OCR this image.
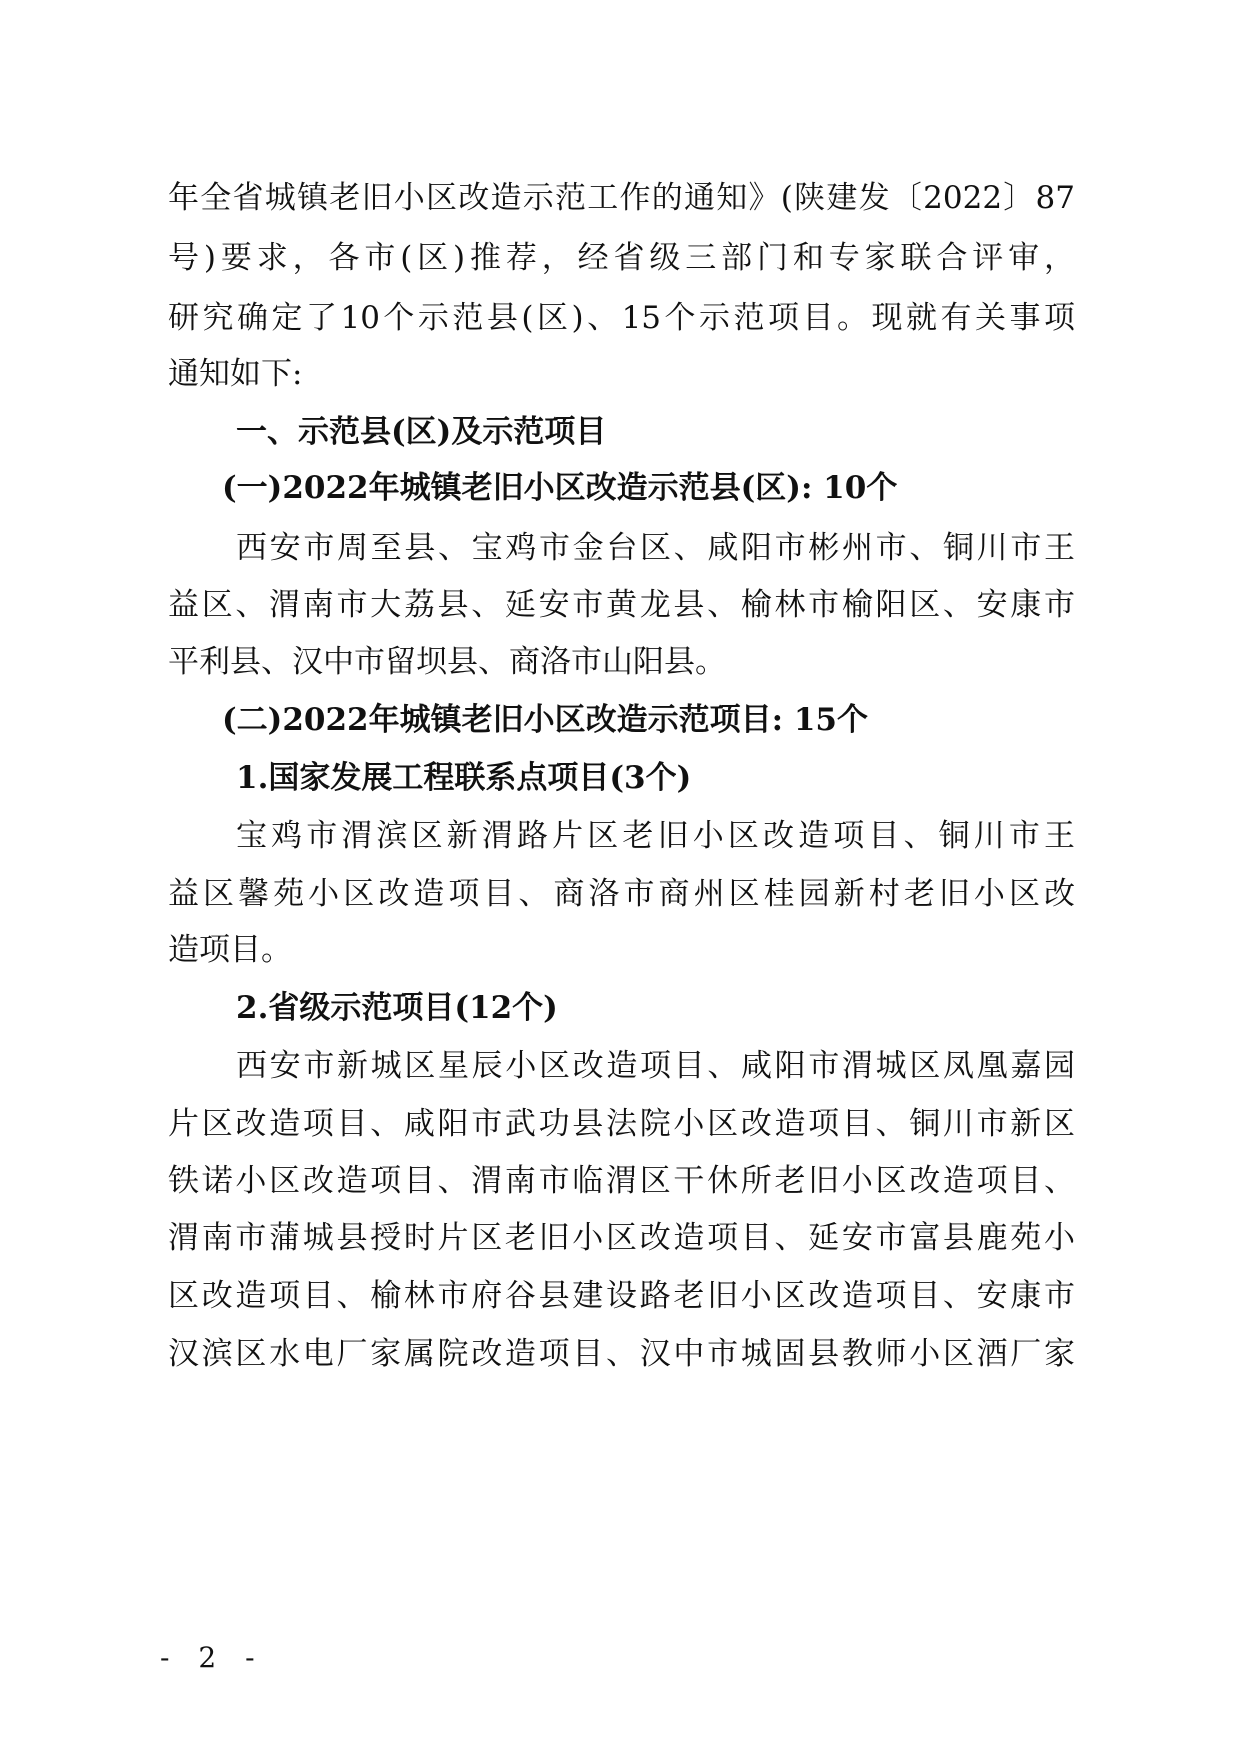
年全省城镇老旧小区改造示范工作的通知》(陕建发〔2022〕87
号)要求，各市(区)推荐，经省级三部门和专家联合评审，
研究确定了10个示范县(区)、15个示范项目。现就有关事项
通知如下:
一、示范县(区)及示范项目
(一)2022年城镇老旧小区改造示范县(区): 10个
西安市周至县、宝鸡市金台区、咸阳市彬州市、铜川市王
益区、渭南市大荔县、延安市黄龙县、榆林市榆阳区、安康市
平利县、汉中市留坝县、商洛市山阳县。
(二)2022年城镇老旧小区改造示范项目: 15个
1.国家发展工程联系点项目(3个)
宝鸡市渭滨区新渭路片区老旧小区改造项目、铜川市王
益区馨苑小区改造项目、商洛市商州区桂园新村老旧小区改
造项目。
2.省级示范项目(12个)
西安市新城区星辰小区改造项目、咸阳市渭城区凤凰嘉园
片区改造项目、咸阳市武功县法院小区改造项目、铜川市新区
铁诺小区改造项目、渭南市临渭区干休所老旧小区改造项目、
渭南市蒲城县授时片区老旧小区改造项目、延安市富县鹿苑小
区改造项目、榆林市府谷县建设路老旧小区改造项目、安康市
汉滨区水电厂家属院改造项目、汉中市城固县教师小区酒厂家
- 2 -
